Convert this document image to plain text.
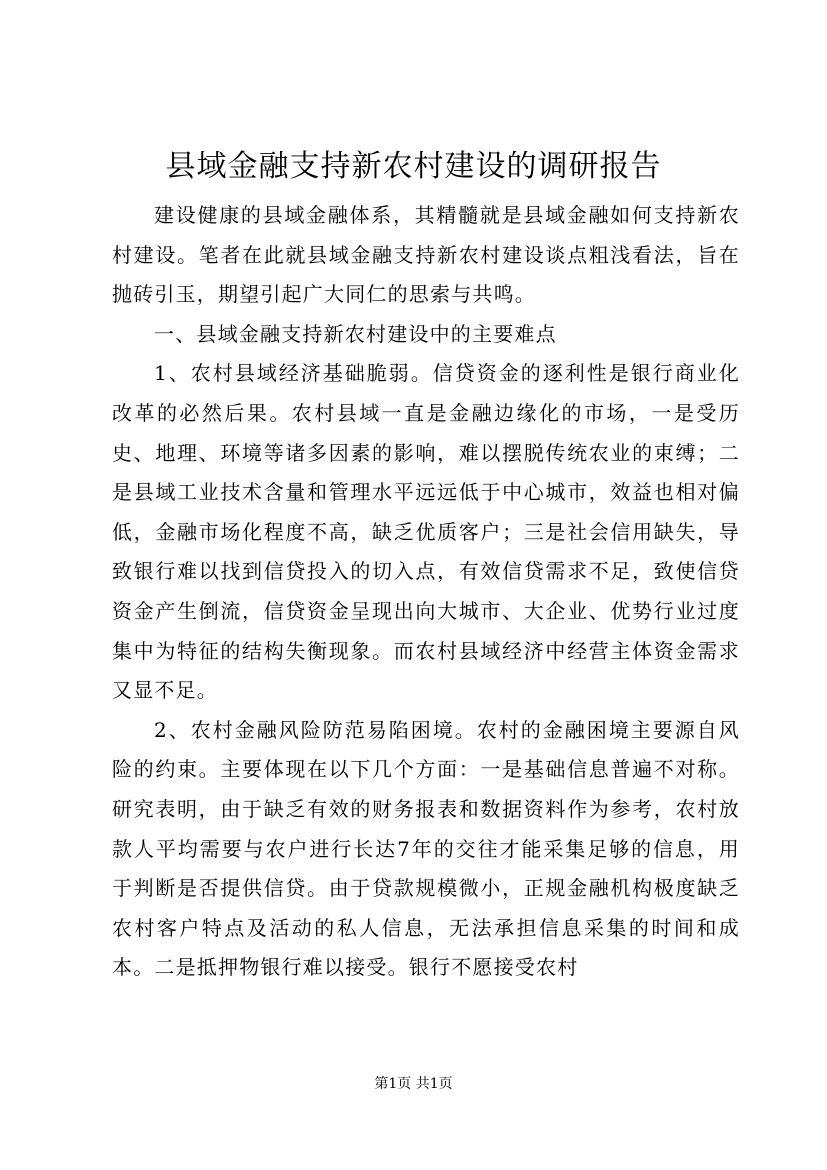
县域金融支持新农村建设的调研报告

建设健康的县域金融体系，其精髓就是县域金融如何支持新农村建设。笔者在此就县域金融支持新农村建设谈点粗浅看法，旨在抛砖引玉，期望引起广大同仁的思索与共鸣。

一、县域金融支持新农村建设中的主要难点

1、农村县域经济基础脆弱。信贷资金的逐利性是银行商业化改革的必然后果。农村县域一直是金融边缘化的市场，一是受历史、地理、环境等诸多因素的影响，难以摆脱传统农业的束缚；二是县域工业技术含量和管理水平远远低于中心城市，效益也相对偏低，金融市场化程度不高，缺乏优质客户；三是社会信用缺失，导致银行难以找到信贷投入的切入点，有效信贷需求不足，致使信贷资金产生倒流，信贷资金呈现出向大城市、大企业、优势行业过度集中为特征的结构失衡现象。而农村县域经济中经营主体资金需求又显不足。

2、农村金融风险防范易陷困境。农村的金融困境主要源自风险的约束。主要体现在以下几个方面：一是基础信息普遍不对称。研究表明，由于缺乏有效的财务报表和数据资料作为参考，农村放款人平均需要与农户进行长达7年的交往才能采集足够的信息，用于判断是否提供信贷。由于贷款规模微小，正规金融机构极度缺乏农村客户特点及活动的私人信息，无法承担信息采集的时间和成本。二是抵押物银行难以接受。银行不愿接受农村

第1页 共1页
